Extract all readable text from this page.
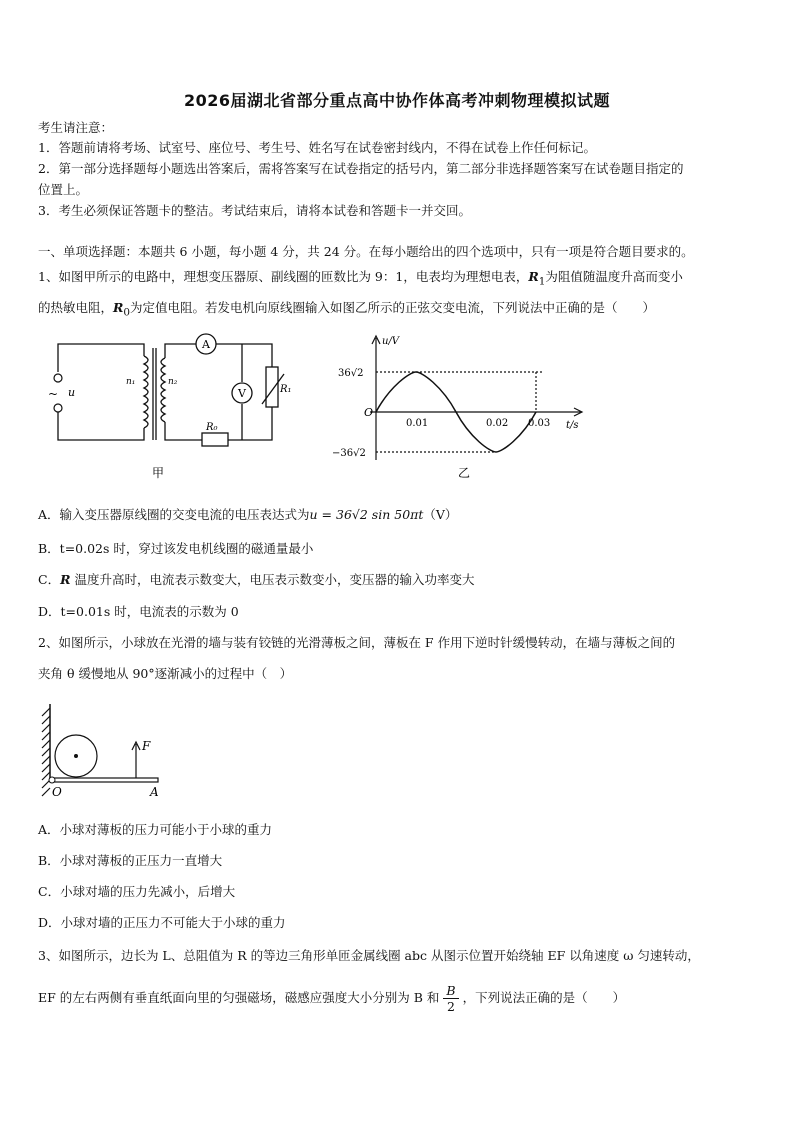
2026届湖北省部分重点高中协作体高考冲刺物理模拟试题
考生请注意：
1．答题前请将考场、试室号、座位号、考生号、姓名写在试卷密封线内，不得在试卷上作任何标记。
2．第一部分选择题每小题选出答案后，需将答案写在试卷指定的括号内，第二部分非选择题答案写在试卷题目指定的
位置上。
3．考生必须保证答题卡的整洁。考试结束后，请将本试卷和答题卡一并交回。
一、单项选择题：本题共 6 小题，每小题 4 分，共 24 分。在每小题给出的四个选项中，只有一项是符合题目要求的。
1、如图甲所示的电路中，理想变压器原、副线圈的匝数比为 9：1，电表均为理想电表，$R_1$为阻值随温度升高而变小
的热敏电阻，$R_0$为定值电阻。若发电机向原线圈输入如图乙所示的正弦交变电流，下列说法中正确的是（　　）
A
V
~ u
n₁	n₂
R₁
R₀
甲
u/V
t/s
O
36√2
−36√2
0.01	0.02 0.03
乙
A．输入变压器原线圈的交变电流的电压表达式为u = 36√2 sin 50πt（V）
B．t=0.02s 时，穿过该发电机线圈的磁通量最小
C．R 温度升高时，电流表示数变大，电压表示数变小，变压器的输入功率变大
D．t=0.01s 时，电流表的示数为 0
2、如图所示，小球放在光滑的墙与装有铰链的光滑薄板之间，薄板在 F 作用下逆时针缓慢转动，在墙与薄板之间的
夹角 θ 缓慢地从 90°逐渐减小的过程中（　）
F
O	A
A．小球对薄板的压力可能小于小球的重力
B．小球对薄板的正压力一直增大
C．小球对墙的压力先减小，后增大
D．小球对墙的正压力不可能大于小球的重力
3、如图所示，边长为 L、总阻值为 R 的等边三角形单匝金属线圈 abc 从图示位置开始绕轴 EF 以角速度 ω 匀速转动，
EF 的左右两侧有垂直纸面向里的匀强磁场，磁感应强度大小分别为 B 和 $\frac{B}{2}$ ，下列说法正确的是（　　）
